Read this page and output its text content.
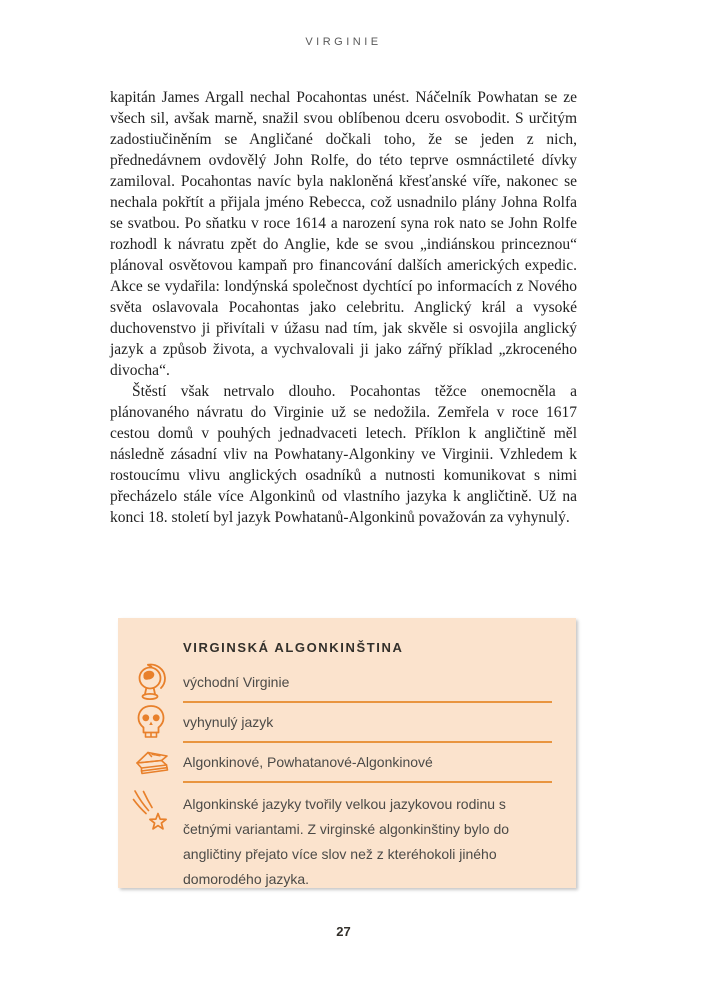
VIRGINIE

kapitán James Argall nechal Pocahontas unést. Náčelník Powhatan se ze všech sil, avšak marně, snažil svou oblíbenou dceru osvobodit. S určitým zadostiučiněním se Angličané dočkali toho, že se jeden z nich, přednedávnem ovdovělý John Rolfe, do této teprve osmnáctileté dívky zamiloval. Pocahontas navíc byla nakloněná křesťanské víře, nakonec se nechala pokřtít a přijala jméno Rebecca, což usnadnilo plány Johna Rolfa se svatbou. Po sňatku v roce 1614 a narození syna rok nato se John Rolfe rozhodl k návratu zpět do Anglie, kde se svou „indiánskou princeznou“ plánoval osvětovou kampaň pro financování dalších amerických expedic. Akce se vydařila: londýnská společnost dychtící po informacích z Nového světa oslavovala Pocahontas jako celebritu. Anglický král a vysoké duchovenstvo ji přivítali v úžasu nad tím, jak skvěle si osvojila anglický jazyk a způsob života, a vychvalovali ji jako zářný příklad „zkroceného divocha“.

Štěstí však netrvalo dlouho. Pocahontas těžce onemocněla a plánovaného návratu do Virginie už se nedožila. Zemřela v roce 1617 cestou domů v pouhých jednadvaceti letech. Příklon k angličtině měl následně zásadní vliv na Powhatany-Algonkiny ve Virginii. Vzhledem k rostoucímu vlivu anglických osadníků a nutnosti komunikovat s nimi přecházelo stále více Algonkinů od vlastního jazyka k angličtině. Už na konci 18. století byl jazyk Powhatanů-Algonkinů považován za vyhynulý.

VIRGINSKÁ ALGONKINŠTINA
východní Virginie
vyhynulý jazyk
Algonkinové, Powhatanové-Algonkinové
Algonkinské jazyky tvořily velkou jazykovou rodinu s četnými variantami. Z virginské algonkinštiny bylo do angličtiny přejato více slov než z kteréhokoli jiného domorodého jazyka.
27
